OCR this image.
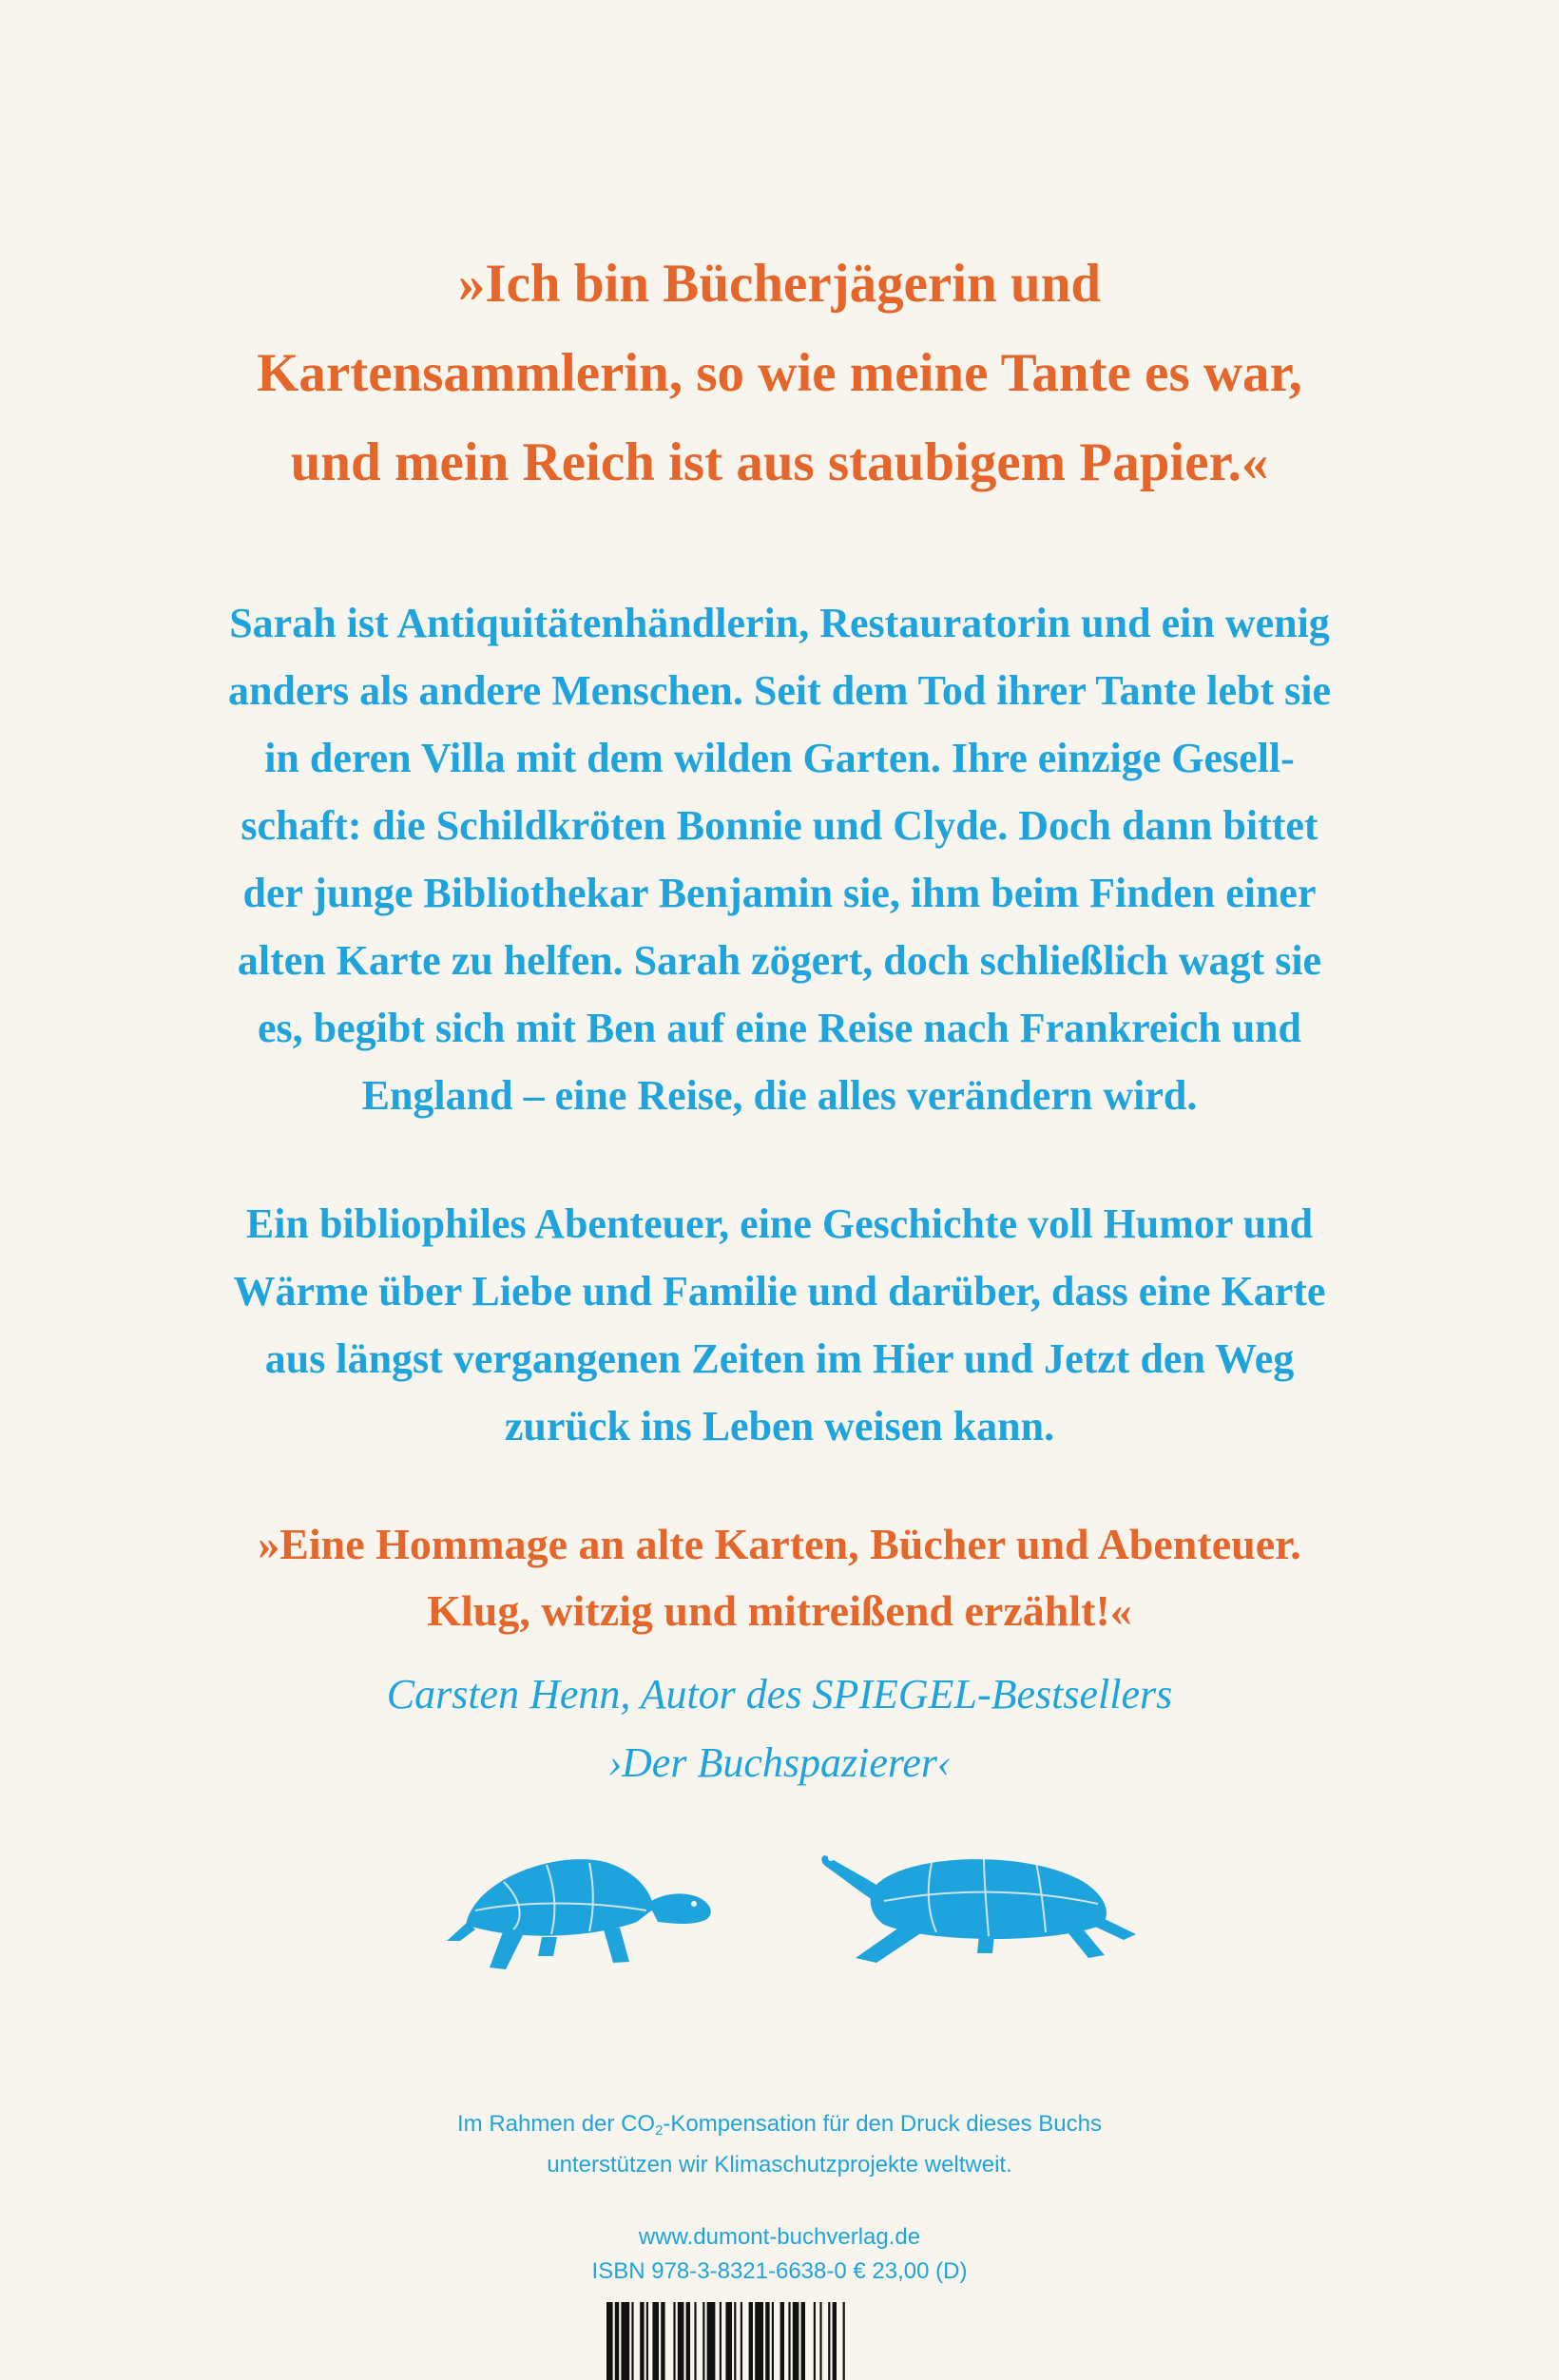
»Ich bin Bücherjägerin und
Kartensammlerin, so wie meine Tante es war,
und mein Reich ist aus staubigem Papier.«
Sarah ist Antiquitätenhändlerin, Restauratorin und ein wenig
anders als andere Menschen. Seit dem Tod ihrer Tante lebt sie
in deren Villa mit dem wilden Garten. Ihre einzige Gesell-
schaft: die Schildkröten Bonnie und Clyde. Doch dann bittet
der junge Bibliothekar Benjamin sie, ihm beim Finden einer
alten Karte zu helfen. Sarah zögert, doch schließlich wagt sie
es, begibt sich mit Ben auf eine Reise nach Frankreich und
England – eine Reise, die alles verändern wird.
Ein bibliophiles Abenteuer, eine Geschichte voll Humor und
Wärme über Liebe und Familie und darüber, dass eine Karte
aus längst vergangenen Zeiten im Hier und Jetzt den Weg
zurück ins Leben weisen kann.
»Eine Hommage an alte Karten, Bücher und Abenteuer.
Klug, witzig und mitreißend erzählt!«
Carsten Henn, Autor des SPIEGEL-Bestsellers
›Der Buchspazierer‹
Im Rahmen der $CO_2$-Kompensation für den Druck dieses Buchs
unterstützen wir Klimaschutzprojekte weltweit.
www.dumont-buchverlag.de
ISBN 978-3-8321-6638-0 € 23,00 (D)
